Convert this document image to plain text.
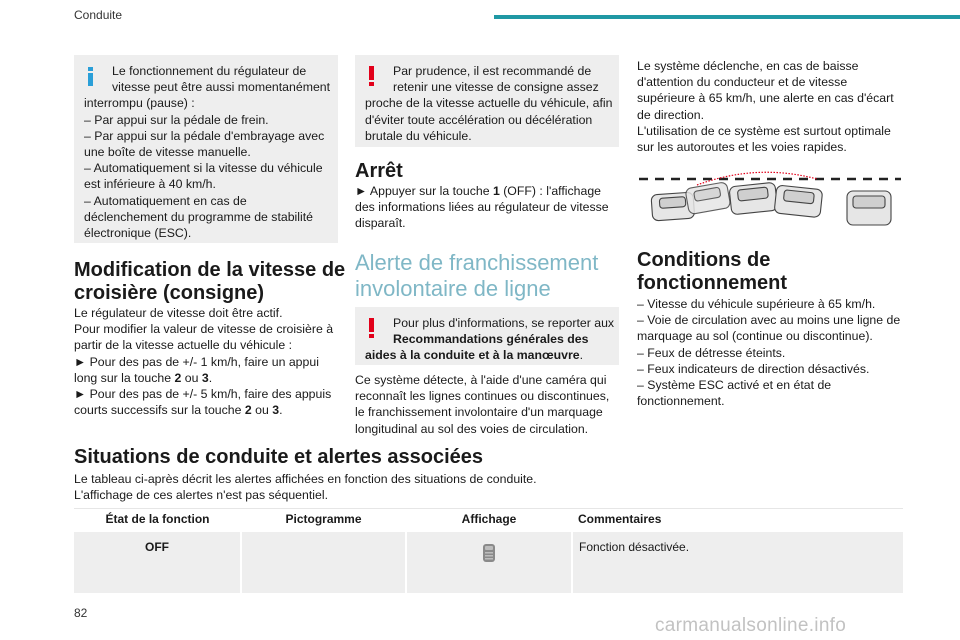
Conduite
Le fonctionnement du régulateur de
vitesse peut être aussi momentanément
interrompu (pause) :
– Par appui sur la pédale de frein.
– Par appui sur la pédale d'embrayage avec
une boîte de vitesse manuelle.
– Automatiquement si la vitesse du véhicule
est inférieure à 40 km/h.
– Automatiquement en cas de
déclenchement du programme de stabilité
électronique (ESC).
Modification de la vitesse de
croisière (consigne)
Le régulateur de vitesse doit être actif.
Pour modifier la valeur de vitesse de croisière à
partir de la vitesse actuelle du véhicule :
► Pour des pas de +/- 1 km/h, faire un appui
long sur la touche 2 ou 3.
► Pour des pas de +/- 5 km/h, faire des appuis
courts successifs sur la touche 2 ou 3.
Par prudence, il est recommandé de
retenir une vitesse de consigne assez
proche de la vitesse actuelle du véhicule, afin
d'éviter toute accélération ou décélération
brutale du véhicule.
Arrêt
► Appuyer sur la touche 1 (OFF) : l'affichage
des informations liées au régulateur de vitesse
disparaît.
Alerte de franchissement
involontaire de ligne
Pour plus d'informations, se reporter aux
Recommandations générales des
aides à la conduite et à la manœuvre.
Ce système détecte, à l'aide d'une caméra qui
reconnaît les lignes continues ou discontinues,
le franchissement involontaire d'un marquage
longitudinal au sol des voies de circulation.
Le système déclenche, en cas de baisse
d'attention du conducteur et de vitesse
supérieure à 65 km/h, une alerte en cas d'écart
de direction.
L'utilisation de ce système est surtout optimale
sur les autoroutes et les voies rapides.
Conditions de
fonctionnement
– Vitesse du véhicule supérieure à 65 km/h.
– Voie de circulation avec au moins une ligne de
marquage au sol (continue ou discontinue).
– Feux de détresse éteints.
– Feux indicateurs de direction désactivés.
– Système ESC activé et en état de
fonctionnement.
Situations de conduite et alertes associées
Le tableau ci-après décrit les alertes affichées en fonction des situations de conduite.
L'affichage de ces alertes n'est pas séquentiel.
État de la fonction	Pictogramme	Affichage	Commentaires
OFF			Fonction désactivée.
82
carmanualsonline.info
